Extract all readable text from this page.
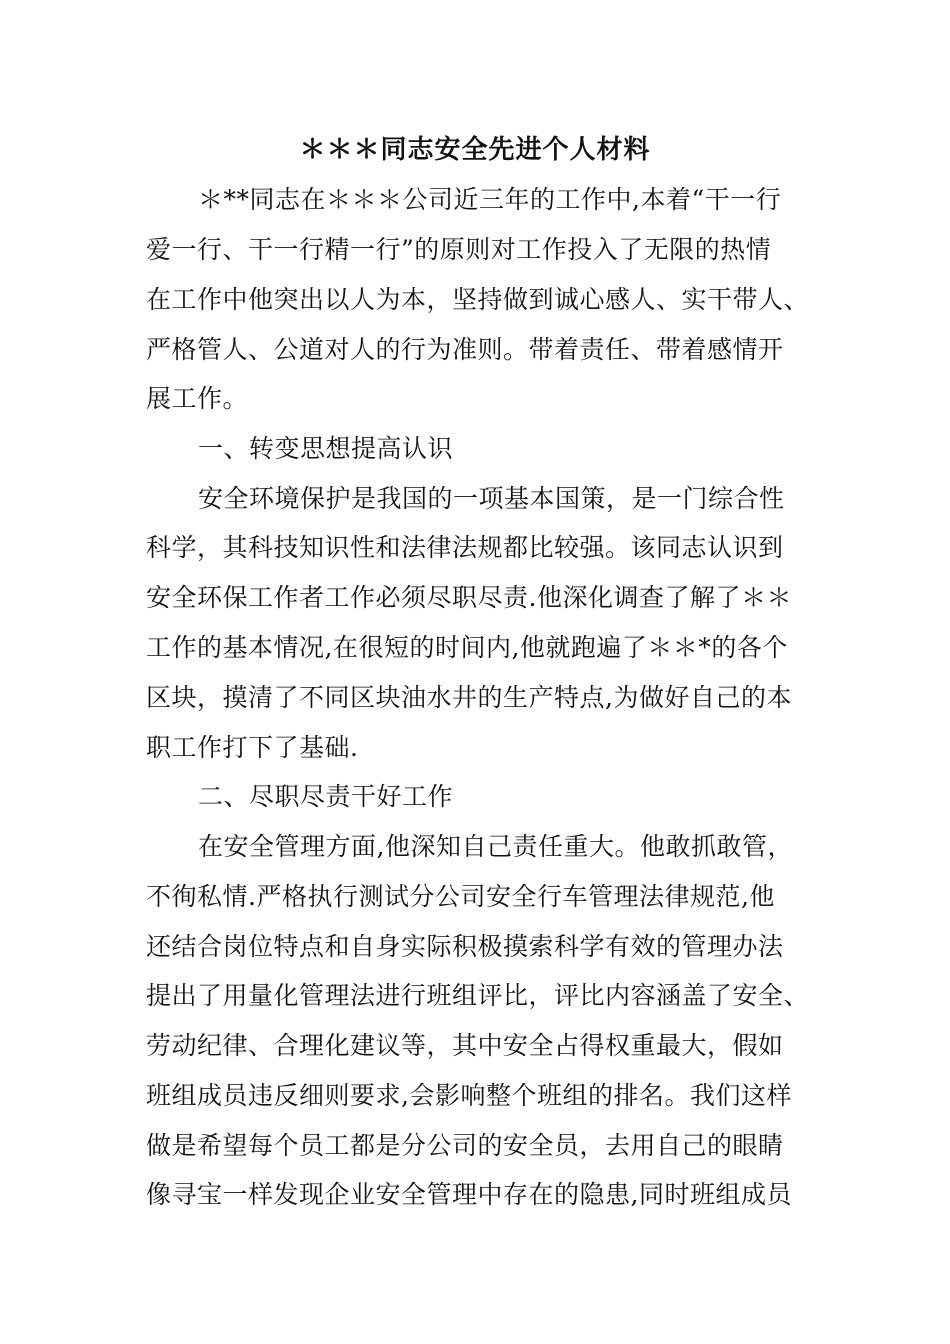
＊＊＊同志安全先进个人材料
＊**同志在＊＊＊公司近三年的工作中,本着“干一行
爱一行、干一行精一行”的原则对工作投入了无限的热情
在工作中他突出以人为本，坚持做到诚心感人、实干带人、
严格管人、公道对人的行为准则。带着责任、带着感情开
展工作。
一、转变思想提高认识
安全环境保护是我国的一项基本国策，是一门综合性
科学，其科技知识性和法律法规都比较强。该同志认识到
安全环保工作者工作必须尽职尽责.他深化调查了解了＊＊
工作的基本情况,在很短的时间内,他就跑遍了＊＊*的各个
区块，摸清了不同区块油水井的生产特点,为做好自己的本
职工作打下了基础.
二、尽职尽责干好工作
在安全管理方面,他深知自己责任重大。他敢抓敢管，
不徇私情.严格执行测试分公司安全行车管理法律规范,他
还结合岗位特点和自身实际积极摸索科学有效的管理办法
提出了用量化管理法进行班组评比，评比内容涵盖了安全、
劳动纪律、合理化建议等，其中安全占得权重最大，假如
班组成员违反细则要求,会影响整个班组的排名。我们这样
做是希望每个员工都是分公司的安全员，去用自己的眼睛
像寻宝一样发现企业安全管理中存在的隐患,同时班组成员
